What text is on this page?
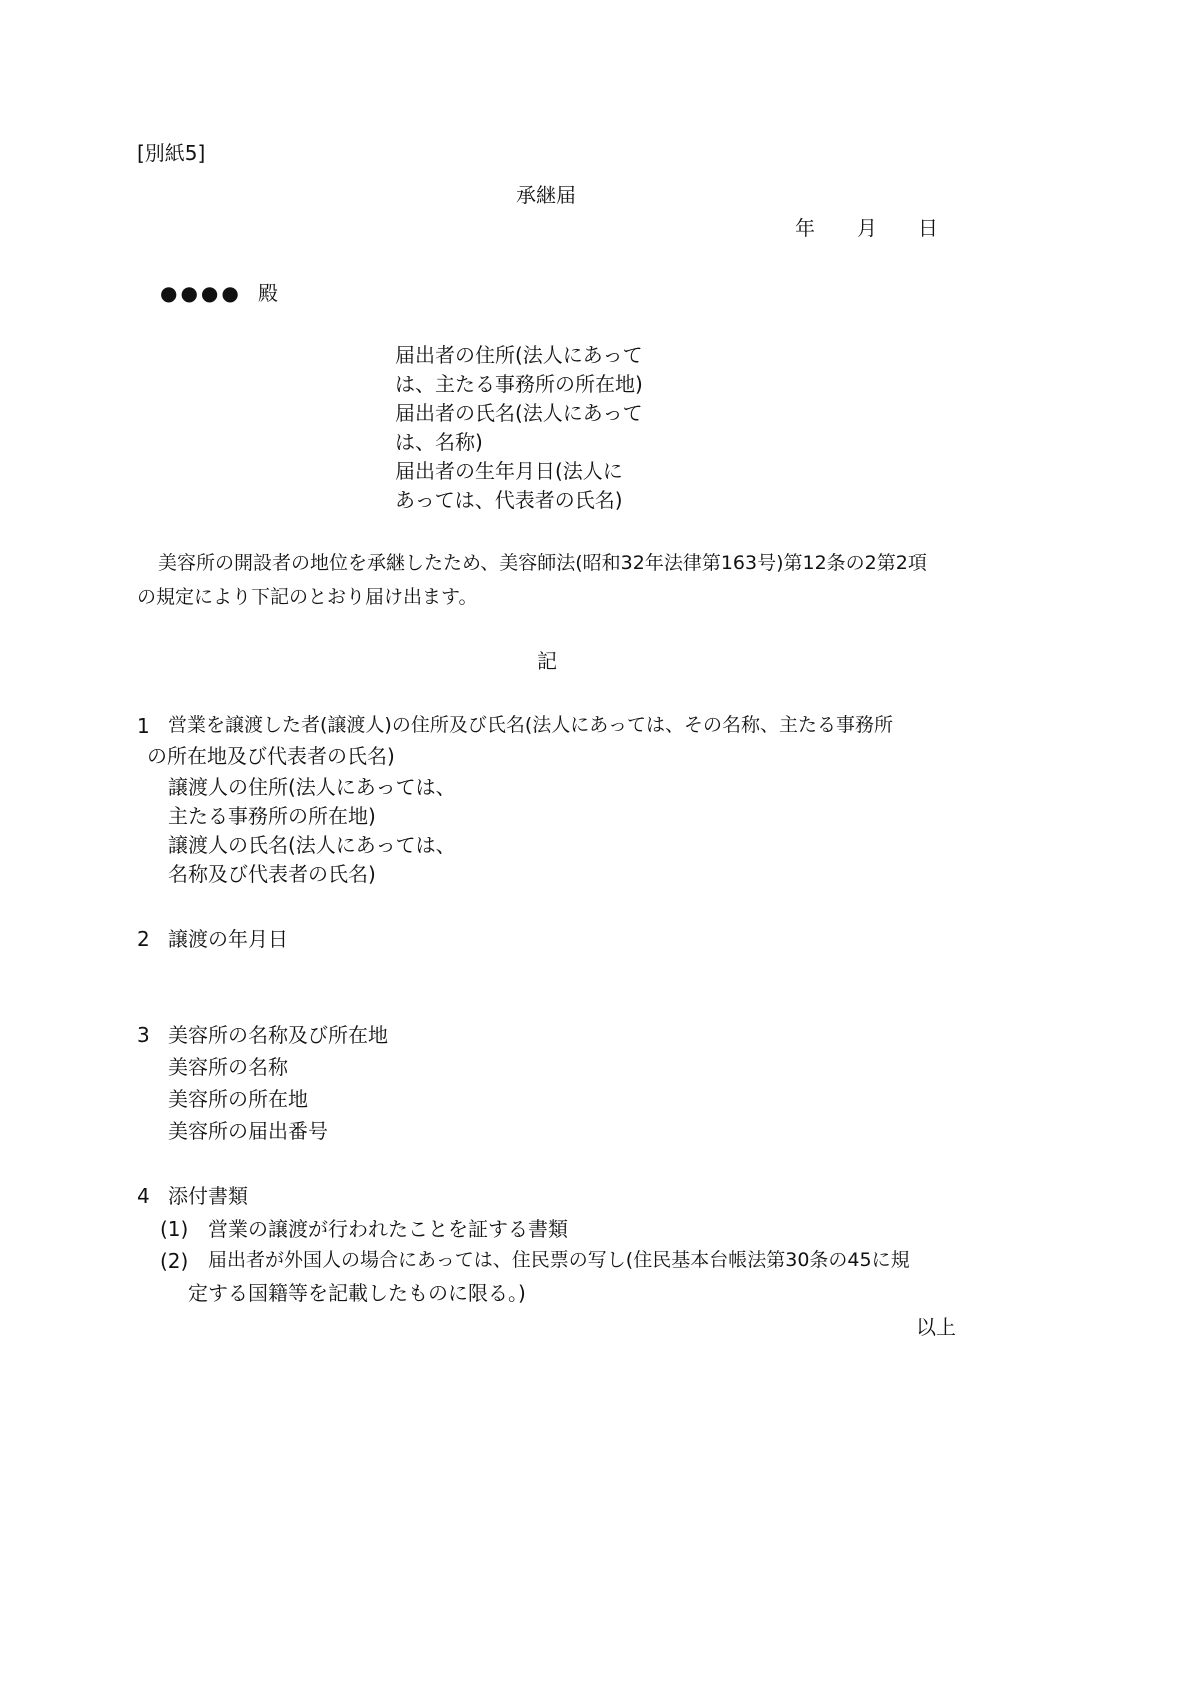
[別紙5]
承継届
年 月 日
●●●● 殿
届出者の住所(法人にあって
は、主たる事務所の所在地)
届出者の氏名(法人にあって
は、名称)
届出者の生年月日(法人に
あっては、代表者の氏名)
美容所の開設者の地位を承継したため、美容師法(昭和32年法律第163号)第12条の2第2項
の規定により下記のとおり届け出ます。
記
1 営業を譲渡した者(譲渡人)の住所及び氏名(法人にあっては、その名称、主たる事務所
の所在地及び代表者の氏名)
譲渡人の住所(法人にあっては、
主たる事務所の所在地)
譲渡人の氏名(法人にあっては、
名称及び代表者の氏名)
2 譲渡の年月日
3 美容所の名称及び所在地
美容所の名称
美容所の所在地
美容所の届出番号
4 添付書類
(1) 営業の譲渡が行われたことを証する書類
(2) 届出者が外国人の場合にあっては、住民票の写し(住民基本台帳法第30条の45に規
定する国籍等を記載したものに限る。)
以上
